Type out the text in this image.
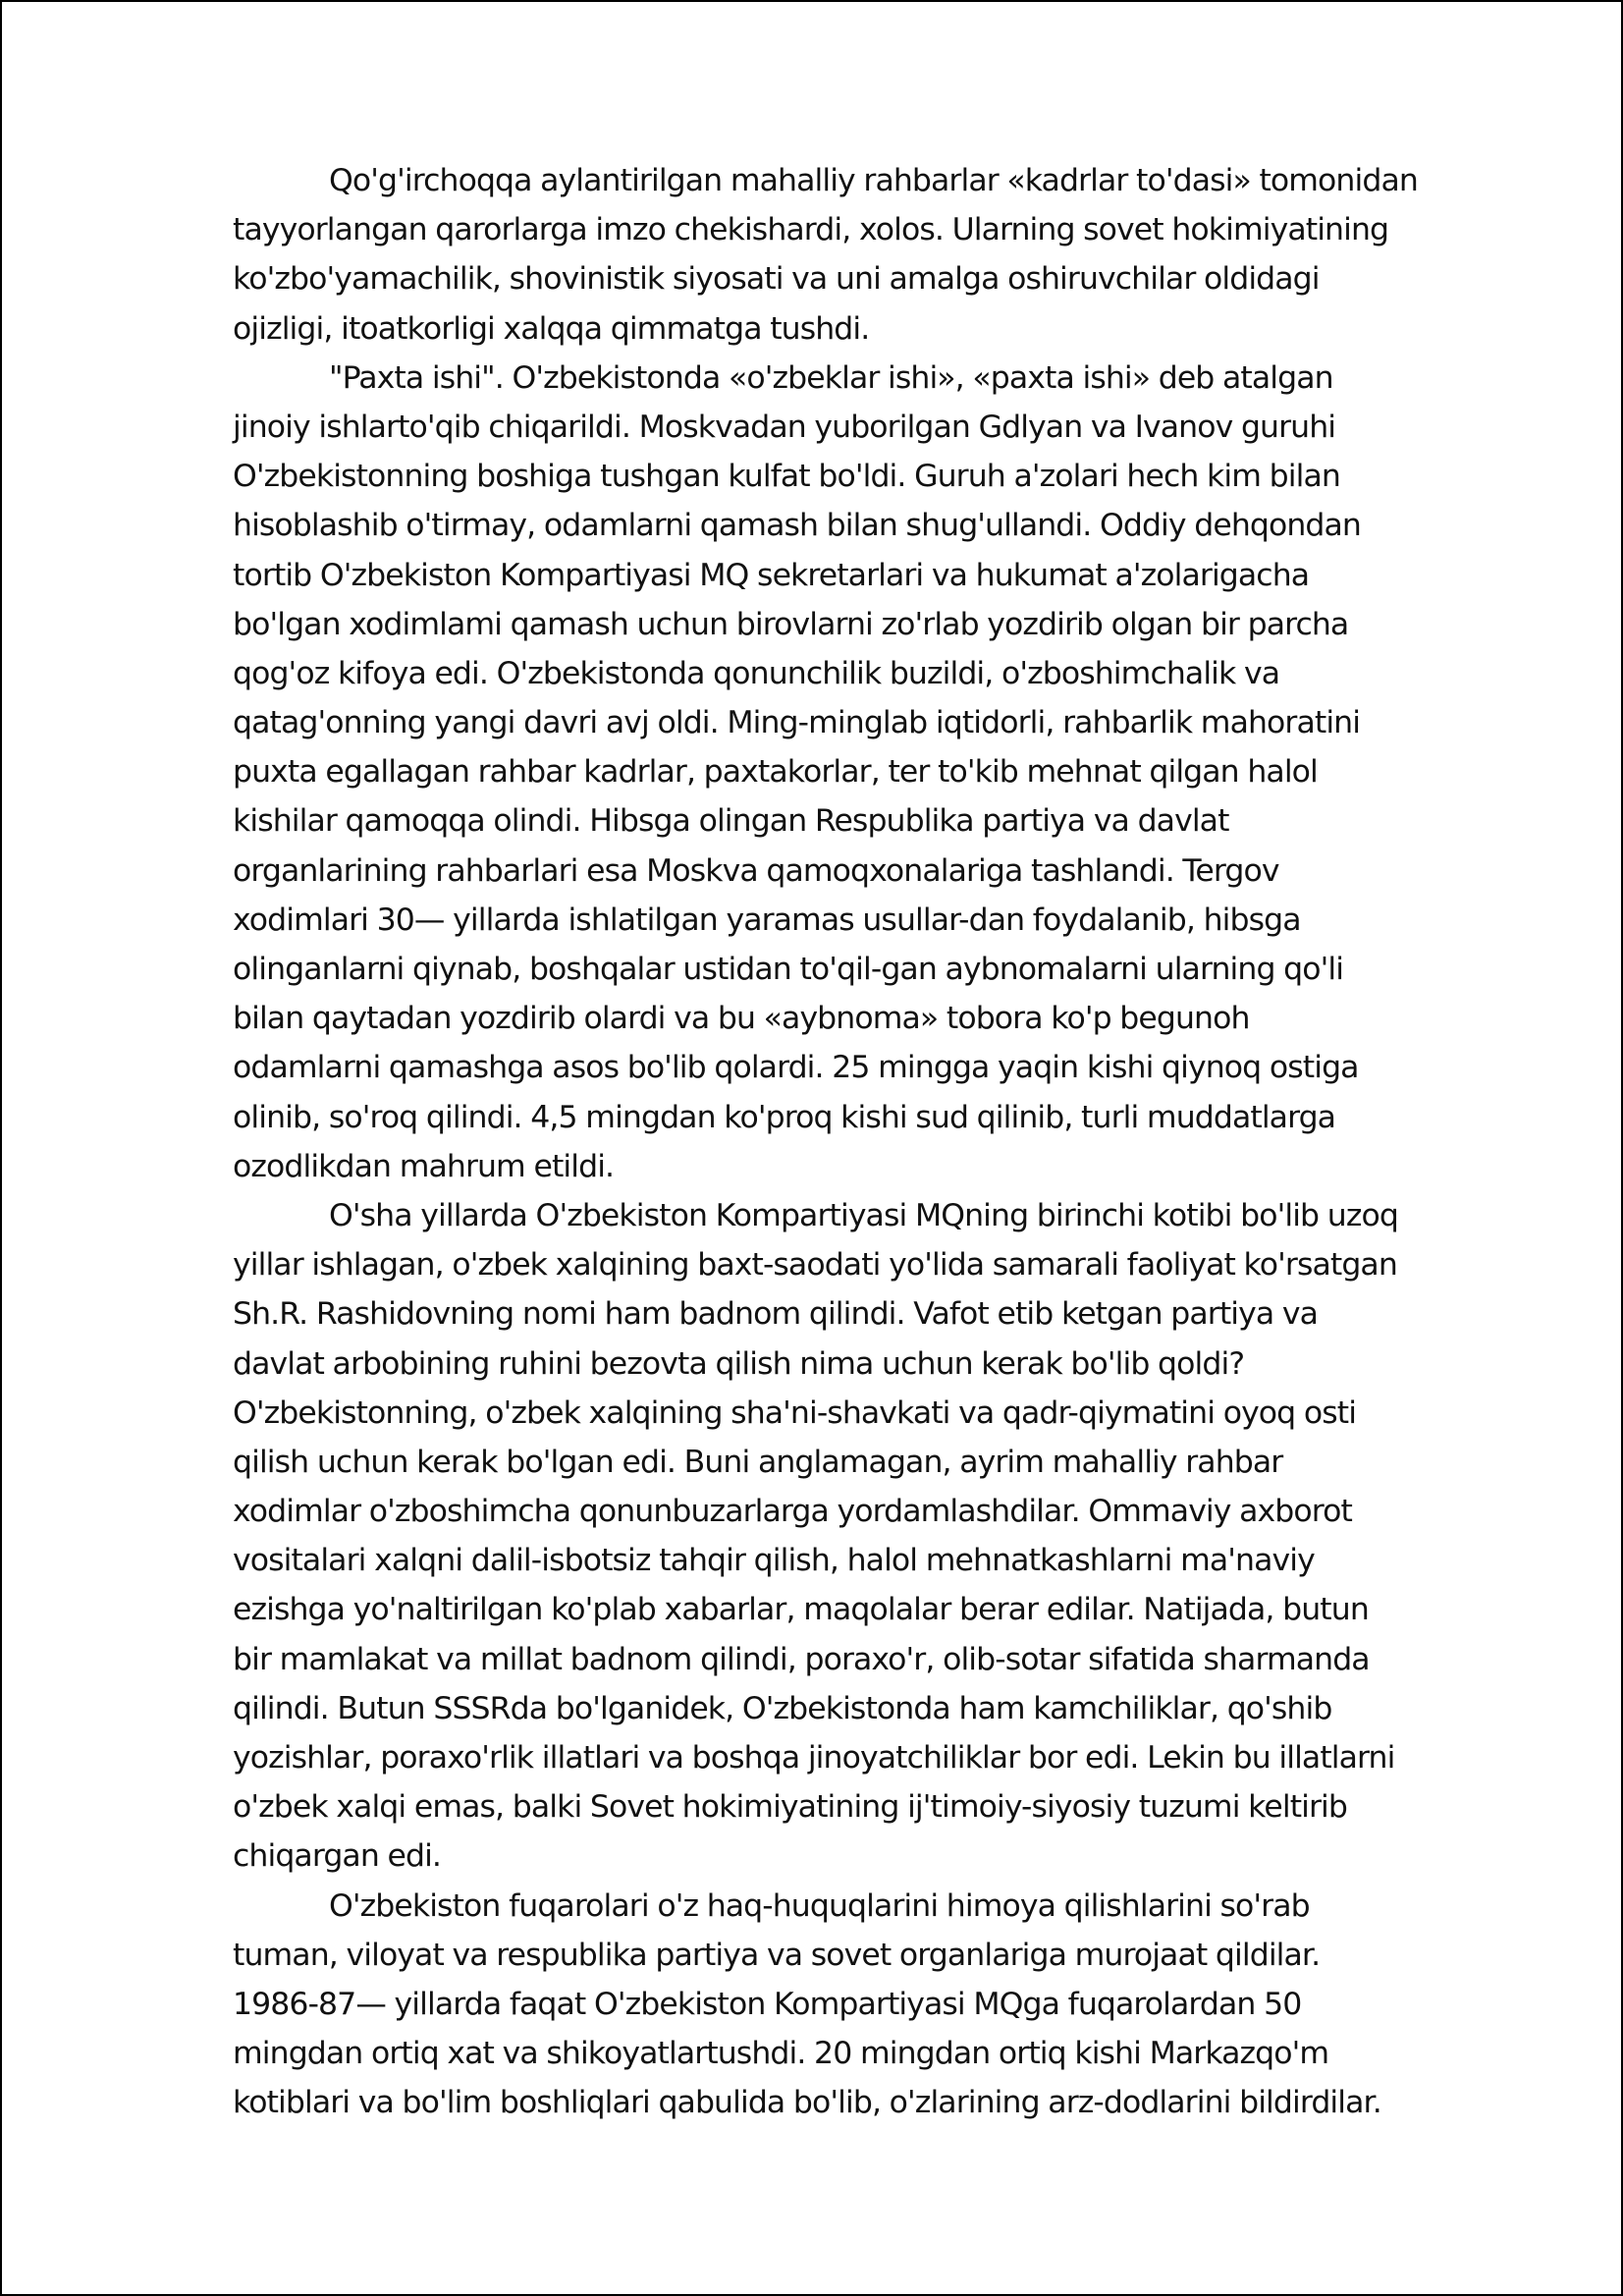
Qo'g'irchoqqa aylantirilgan mahalliy rahbarlar «kadrlar to'dasi» tomonidan
tayyorlangan qarorlarga imzo chekishardi, xolos. Ularning sovet hokimiyatining
ko'zbo'yamachilik, shovinistik siyosati va uni amalga oshiruvchilar oldidagi
ojizligi, itoatkorligi xalqqa qimmatga tushdi.
"Paxta ishi". O'zbekistonda «o'zbeklar ishi», «paxta ishi» deb atalgan
jinoiy ishlarto'qib chiqarildi. Moskvadan yuborilgan Gdlyan va Ivanov guruhi
O'zbekistonning boshiga tushgan kulfat bo'ldi. Guruh a'zolari hech kim bilan
hisoblashib o'tirmay, odamlarni qamash bilan shug'ullandi. Oddiy dehqondan
tortib O'zbekiston Kompartiyasi MQ sekretarlari va hukumat a'zolarigacha
bo'lgan xodimlami qamash uchun birovlarni zo'rlab yozdirib olgan bir parcha
qog'oz kifoya edi. O'zbekistonda qonunchilik buzildi, o'zboshimchalik va
qatag'onning yangi davri avj oldi. Ming-minglab iqtidorli, rahbarlik mahoratini
puxta egallagan rahbar kadrlar, paxtakorlar, ter to'kib mehnat qilgan halol
kishilar qamoqqa olindi. Hibsga olingan Respublika partiya va davlat
organlarining rahbarlari esa Moskva qamoqxonalariga tashlandi. Tergov
xodimlari 30— yillarda ishlatilgan yaramas usullar-dan foydalanib, hibsga
olinganlarni qiynab, boshqalar ustidan to'qil-gan aybnomalarni ularning qo'li
bilan qaytadan yozdirib olardi va bu «aybnoma» tobora ko'p begunoh
odamlarni qamashga asos bo'lib qolardi. 25 mingga yaqin kishi qiynoq ostiga
olinib, so'roq qilindi. 4,5 mingdan ko'proq kishi sud qilinib, turli muddatlarga
ozodlikdan mahrum etildi.
O'sha yillarda O'zbekiston Kompartiyasi MQning birinchi kotibi bo'lib uzoq
yillar ishlagan, o'zbek xalqining baxt-saodati yo'lida samarali faoliyat ko'rsatgan
Sh.R. Rashidovning nomi ham badnom qilindi. Vafot etib ketgan partiya va
davlat arbobining ruhini bezovta qilish nima uchun kerak bo'lib qoldi?
O'zbekistonning, o'zbek xalqining sha'ni-shavkati va qadr-qiymatini oyoq osti
qilish uchun kerak bo'lgan edi. Buni anglamagan, ayrim mahalliy rahbar
xodimlar o'zboshimcha qonunbuzarlarga yordamlashdilar. Ommaviy axborot
vositalari xalqni dalil-isbotsiz tahqir qilish, halol mehnatkashlarni ma'naviy
ezishga yo'naltirilgan ko'plab xabarlar, maqolalar berar edilar. Natijada, butun
bir mamlakat va millat badnom qilindi, poraxo'r, olib-sotar sifatida sharmanda
qilindi. Butun SSSRda bo'lganidek, O'zbekistonda ham kamchiliklar, qo'shib
yozishlar, poraxo'rlik illatlari va boshqa jinoyatchiliklar bor edi. Lekin bu illatlarni
o'zbek xalqi emas, balki Sovet hokimiyatining ij'timoiy-siyosiy tuzumi keltirib
chiqargan edi.
O'zbekiston fuqarolari o'z haq-huquqlarini himoya qilishlarini so'rab
tuman, viloyat va respublika partiya va sovet organlariga murojaat qildilar.
1986-87— yillarda faqat O'zbekiston Kompartiyasi MQga fuqarolardan 50
mingdan ortiq xat va shikoyatlartushdi. 20 mingdan ortiq kishi Markazqo'm
kotiblari va bo'lim boshliqlari qabulida bo'lib, o'zlarining arz-dodlarini bildirdilar.
